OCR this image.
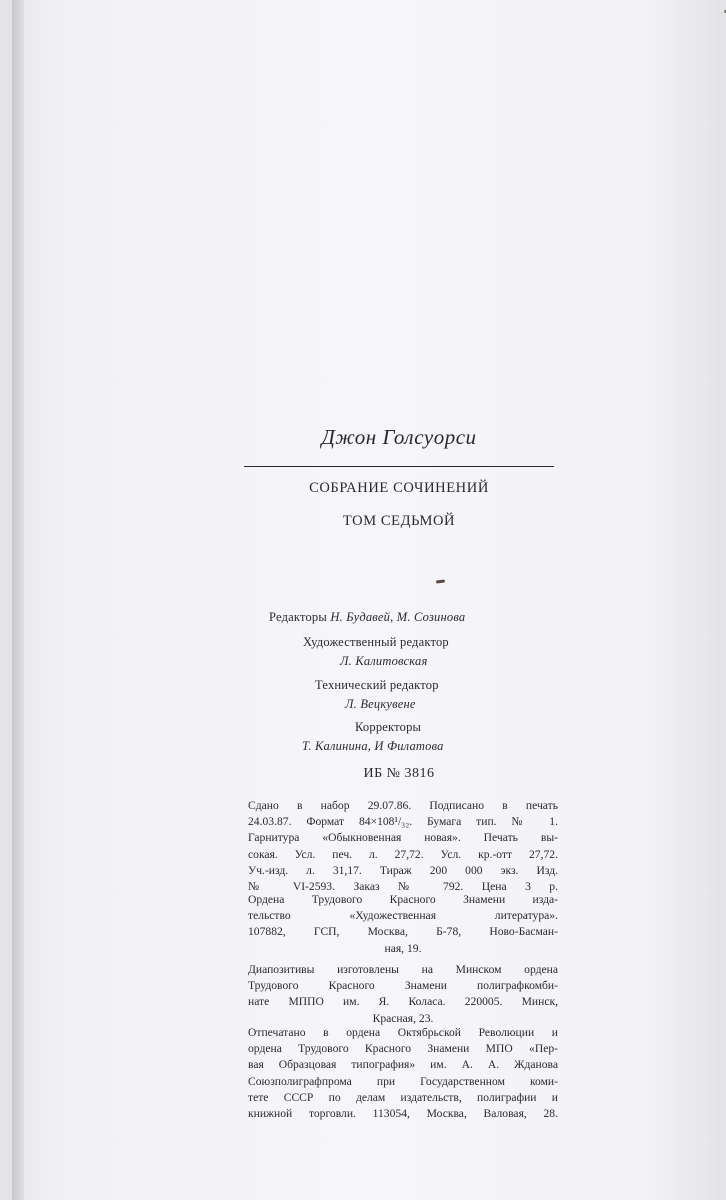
Джон Голсуорси
СОБРАНИЕ СОЧИНЕНИЙ
ТОМ СЕДЬМОЙ
Редакторы Н. Будавей, М. Созинова
Художественный редактор
Л. Калитовская
Технический редактор
Л. Вецкувене
Корректоры
Т. Калинина, И Филатова
ИБ № 3816
Сдано в набор 29.07.86. Подписано в печать
24.03.87. Формат 84×108¹/₃₂. Бумага тип. № 1.
Гарнитура «Обыкновенная новая». Печать вы-
сокая. Усл. печ. л. 27,72. Усл. кр.-отт 27,72.
Уч.-изд. л. 31,17. Тираж 200 000 экз. Изд.
№ VI-2593. Заказ № 792. Цена 3 р.
Ордена Трудового Красного Знамени изда-
тельство «Художественная литература».
107882, ГСП, Москва, Б-78, Ново-Басман-
ная, 19.
Диапозитивы изготовлены на Минском ордена
Трудового Красного Знамени полиграфкомби-
нате МППО им. Я. Коласа. 220005. Минск,
Красная, 23.
Отпечатано в ордена Октябрьской Революции и
ордена Трудового Красного Знамени МПО «Пер-
вая Образцовая типография» им. А. А. Жданова
Союзполиграфпрома при Государственном коми-
тете СССР по делам издательств, полиграфии и
книжной торговли. 113054, Москва, Валовая, 28.
